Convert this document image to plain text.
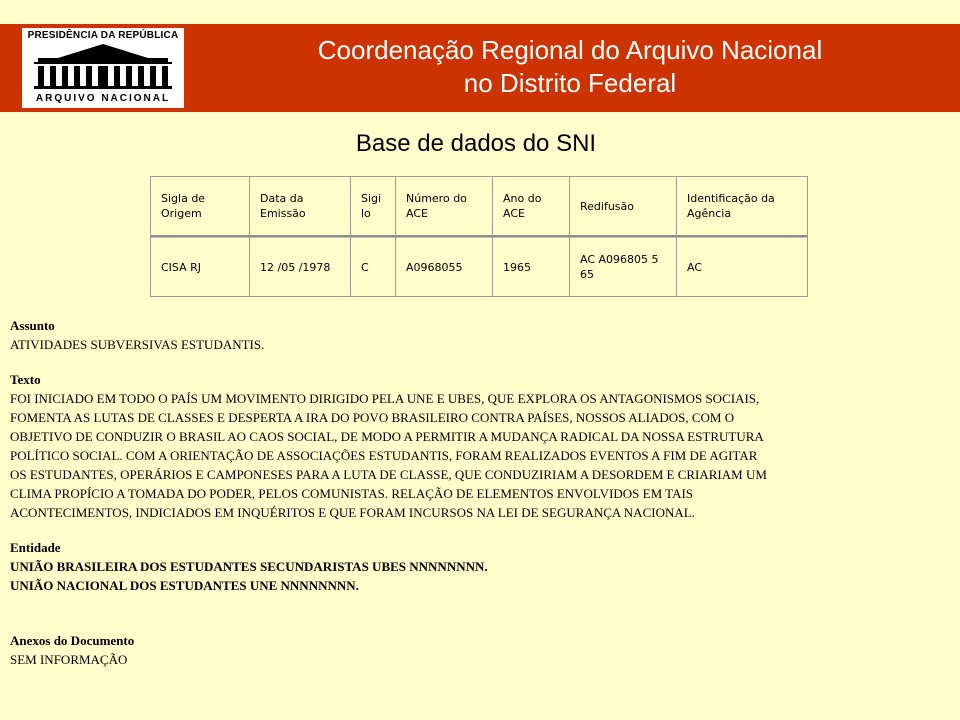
PRESIDÊNCIA DA REPÚBLICA
ARQUIVO NACIONAL
Coordenação Regional do Arquivo Nacional
no Distrito Federal
Base de dados do SNI
Sigla de Origem	Data da Emissão	Sigi lo	Número do ACE	Ano do ACE	Redifusão	Identificação da Agência
CISA RJ	12 /05 /1978	C	A0968055	1965	AC A096805 5 65	AC
Assunto
ATIVIDADES SUBVERSIVAS ESTUDANTIS.
Texto
FOI INICIADO EM TODO O PAÍS UM MOVIMENTO DIRIGIDO PELA UNE E UBES, QUE EXPLORA OS ANTAGONISMOS SOCIAIS,
FOMENTA AS LUTAS DE CLASSES E DESPERTA A IRA DO POVO BRASILEIRO CONTRA PAÍSES, NOSSOS ALIADOS, COM O
OBJETIVO DE CONDUZIR O BRASIL AO CAOS SOCIAL, DE MODO A PERMITIR A MUDANÇA RADICAL DA NOSSA ESTRUTURA
POLÍTICO SOCIAL. COM A ORIENTAÇÃO DE ASSOCIAÇÕES ESTUDANTIS, FORAM REALIZADOS EVENTOS A FIM DE AGITAR
OS ESTUDANTES, OPERÁRIOS E CAMPONESES PARA A LUTA DE CLASSE, QUE CONDUZIRIAM A DESORDEM E CRIARIAM UM
CLIMA PROPÍCIO A TOMADA DO PODER, PELOS COMUNISTAS. RELAÇÃO DE ELEMENTOS ENVOLVIDOS EM TAIS
ACONTECIMENTOS, INDICIADOS EM INQUÉRITOS E QUE FORAM INCURSOS NA LEI DE SEGURANÇA NACIONAL.
Entidade
UNIÃO BRASILEIRA DOS ESTUDANTES SECUNDARISTAS UBES NNNNNNNN.
UNIÃO NACIONAL DOS ESTUDANTES UNE NNNNNNNN.
Anexos do Documento
SEM INFORMAÇÃO
